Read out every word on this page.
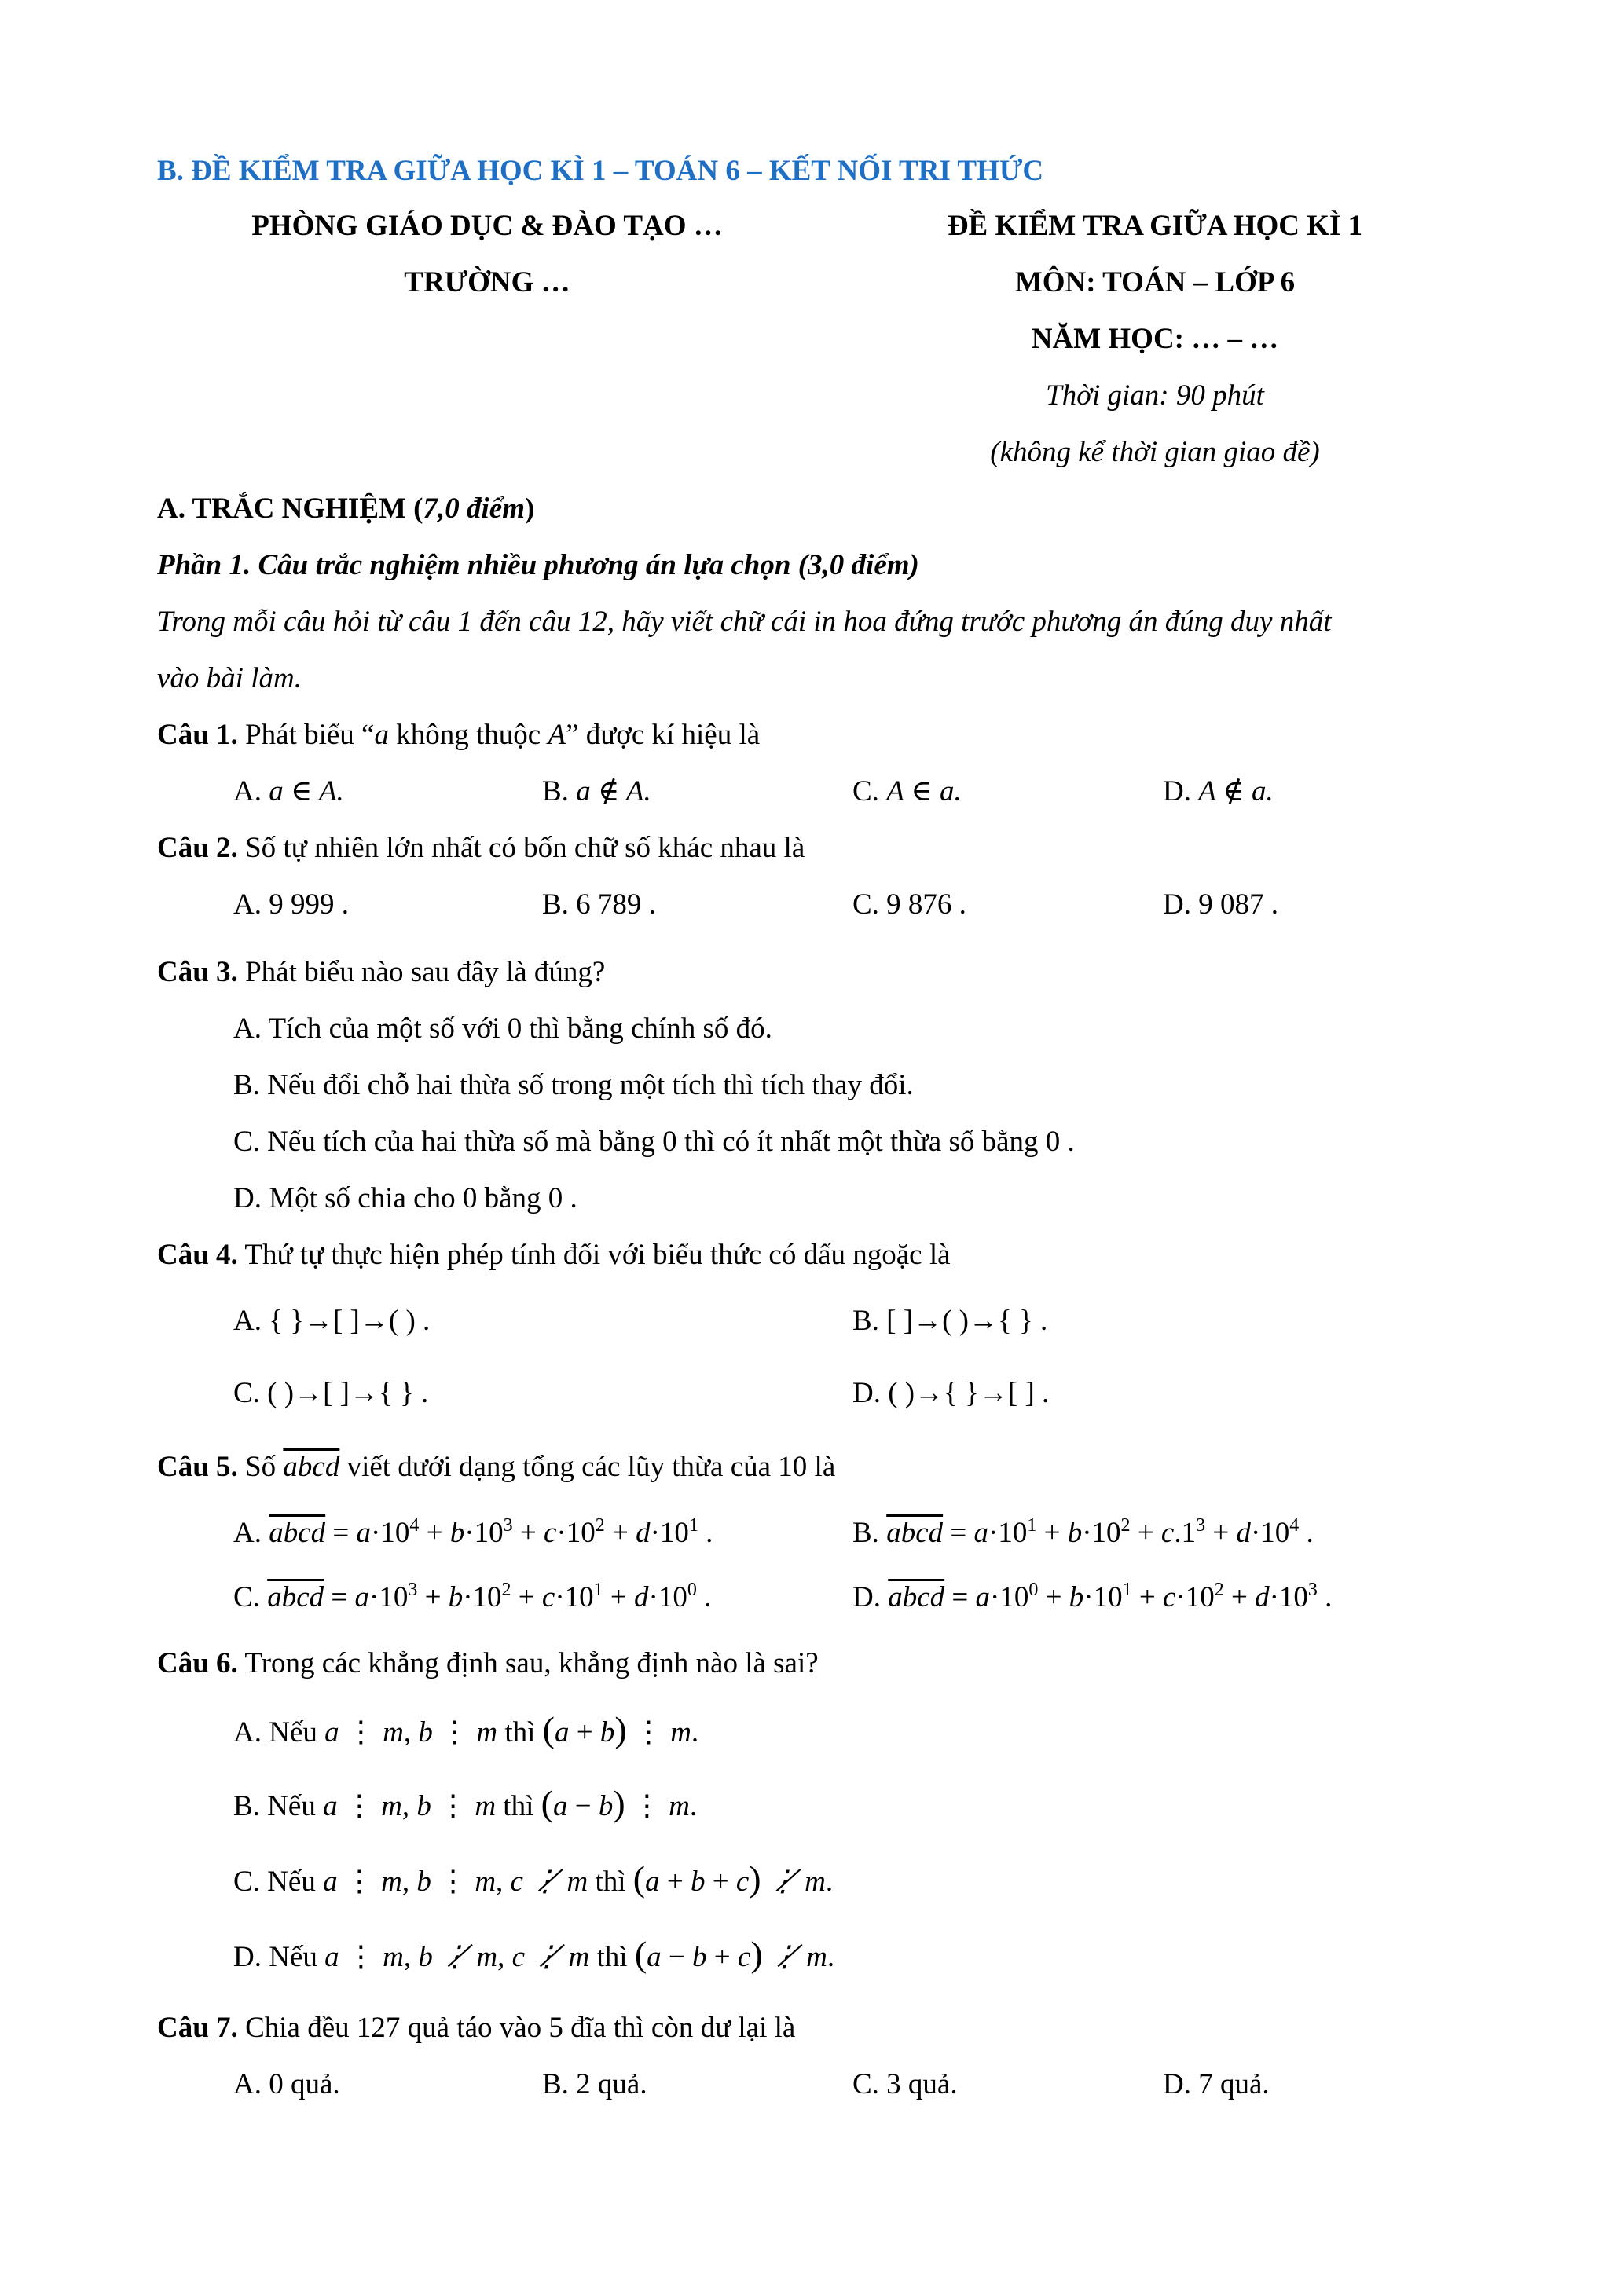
B. ĐỀ KIỂM TRA GIỮA HỌC KÌ 1 – TOÁN 6 – KẾT NỐI TRI THỨC
PHÒNG GIÁO DỤC & ĐÀO TẠO …
TRƯỜNG …
ĐỀ KIỂM TRA GIỮA HỌC KÌ 1
MÔN: TOÁN – LỚP 6
NĂM HỌC: … – …
Thời gian: 90 phút
(không kể thời gian giao đề)
A. TRẮC NGHIỆM (7,0 điểm)
Phần 1. Câu trắc nghiệm nhiều phương án lựa chọn (3,0 điểm)
Trong mỗi câu hỏi từ câu 1 đến câu 12, hãy viết chữ cái in hoa đứng trước phương án đúng duy nhất
vào bài làm.
Câu 1. Phát biểu “a không thuộc A” được kí hiệu là
A. a ∈ A.	B. a ∉ A.	C. A ∈ a.	D. A ∉ a.
Câu 2. Số tự nhiên lớn nhất có bốn chữ số khác nhau là
A. 9 999 .	B. 6 789 .	C. 9 876 .	D. 9 087 .
Câu 3. Phát biểu nào sau đây là đúng?
A. Tích của một số với 0 thì bằng chính số đó.
B. Nếu đổi chỗ hai thừa số trong một tích thì tích thay đổi.
C. Nếu tích của hai thừa số mà bằng 0 thì có ít nhất một thừa số bằng 0 .
D. Một số chia cho 0 bằng 0 .
Câu 4. Thứ tự thực hiện phép tính đối với biểu thức có dấu ngoặc là
A. { }→[ ]→( ) .	B. [ ]→( )→{ } .
C. ( )→[ ]→{ } .	D. ( )→{ }→[ ] .
Câu 5. Số abcd viết dưới dạng tổng các lũy thừa của 10 là
A. abcd = $a\cdot 10^4 + b\cdot 10^3 + c\cdot 10^2 + d\cdot 10^1$ .	B. abcd = $a\cdot 10^1 + b\cdot 10^2 + c.1^3 + d\cdot 10^4$ .
C. abcd = $a\cdot 10^3 + b\cdot 10^2 + c\cdot 10^1 + d\cdot 10^0$ .	D. abcd = $a\cdot 10^0 + b\cdot 10^1 + c\cdot 10^2 + d\cdot 10^3$ .
Câu 6. Trong các khẳng định sau, khẳng định nào là sai?
A. Nếu a ⋮ m, b ⋮ m thì (a + b) ⋮ m.
B. Nếu a ⋮ m, b ⋮ m thì (a − b) ⋮ m.
C. Nếu a ⋮ m, b ⋮ m, c ⋮̸ m thì (a + b + c) ⋮̸ m.
D. Nếu a ⋮ m, b ⋮̸ m, c ⋮̸ m thì (a − b + c) ⋮̸ m.
Câu 7. Chia đều 127 quả táo vào 5 đĩa thì còn dư lại là
A. 0 quả.	B. 2 quả.	C. 3 quả.	D. 7 quả.
